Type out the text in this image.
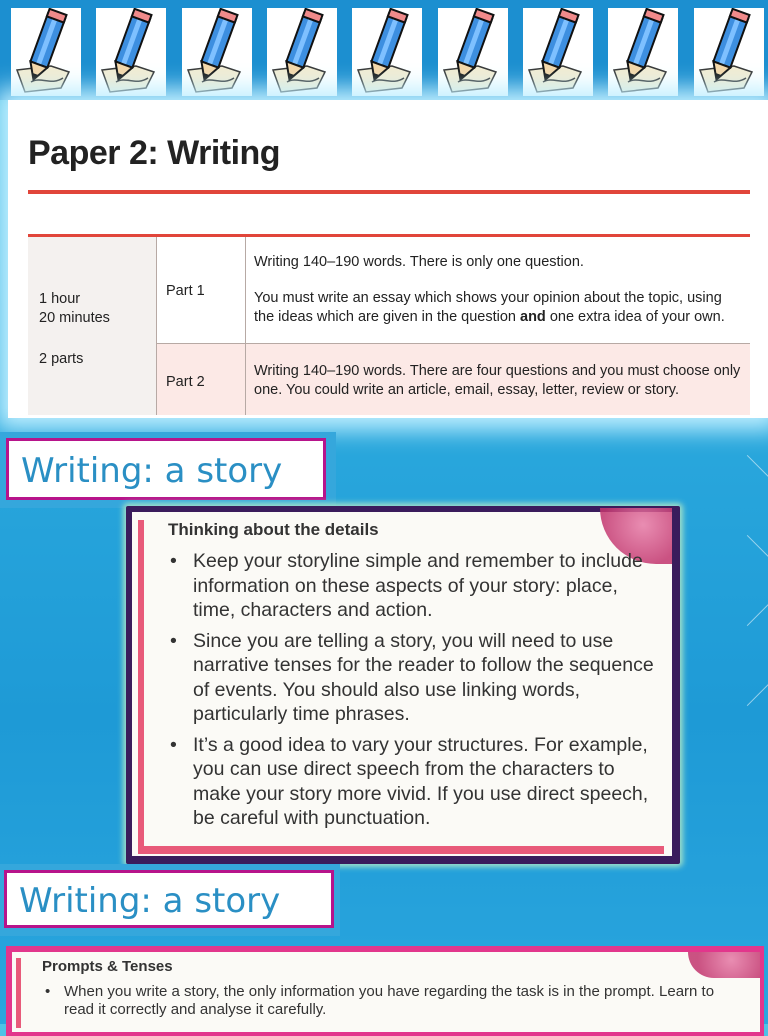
Paper 2: Writing
1 hour
20 minutes
2 parts
Part 1
Writing 140–190 words. There is only one question.
You must write an essay which shows your opinion about the topic, using the ideas which are given in the question and one extra idea of your own.
Part 2
Writing 140–190 words. There are four questions and you must choose only one. You could write an article, email, essay, letter, review or story.
Writing: a story
Thinking about the details
• Keep your storyline simple and remember to include information on these aspects of your story: place, time, characters and action.
• Since you are telling a story, you will need to use narrative tenses for the reader to follow the sequence of events. You should also use linking words, particularly time phrases.
• It’s a good idea to vary your structures. For example, you can use direct speech from the characters to make your story more vivid. If you use direct speech, be careful with punctuation.
Writing: a story
Prompts & Tenses
• When you write a story, the only information you have regarding the task is in the prompt. Learn to read it correctly and analyse it carefully.
